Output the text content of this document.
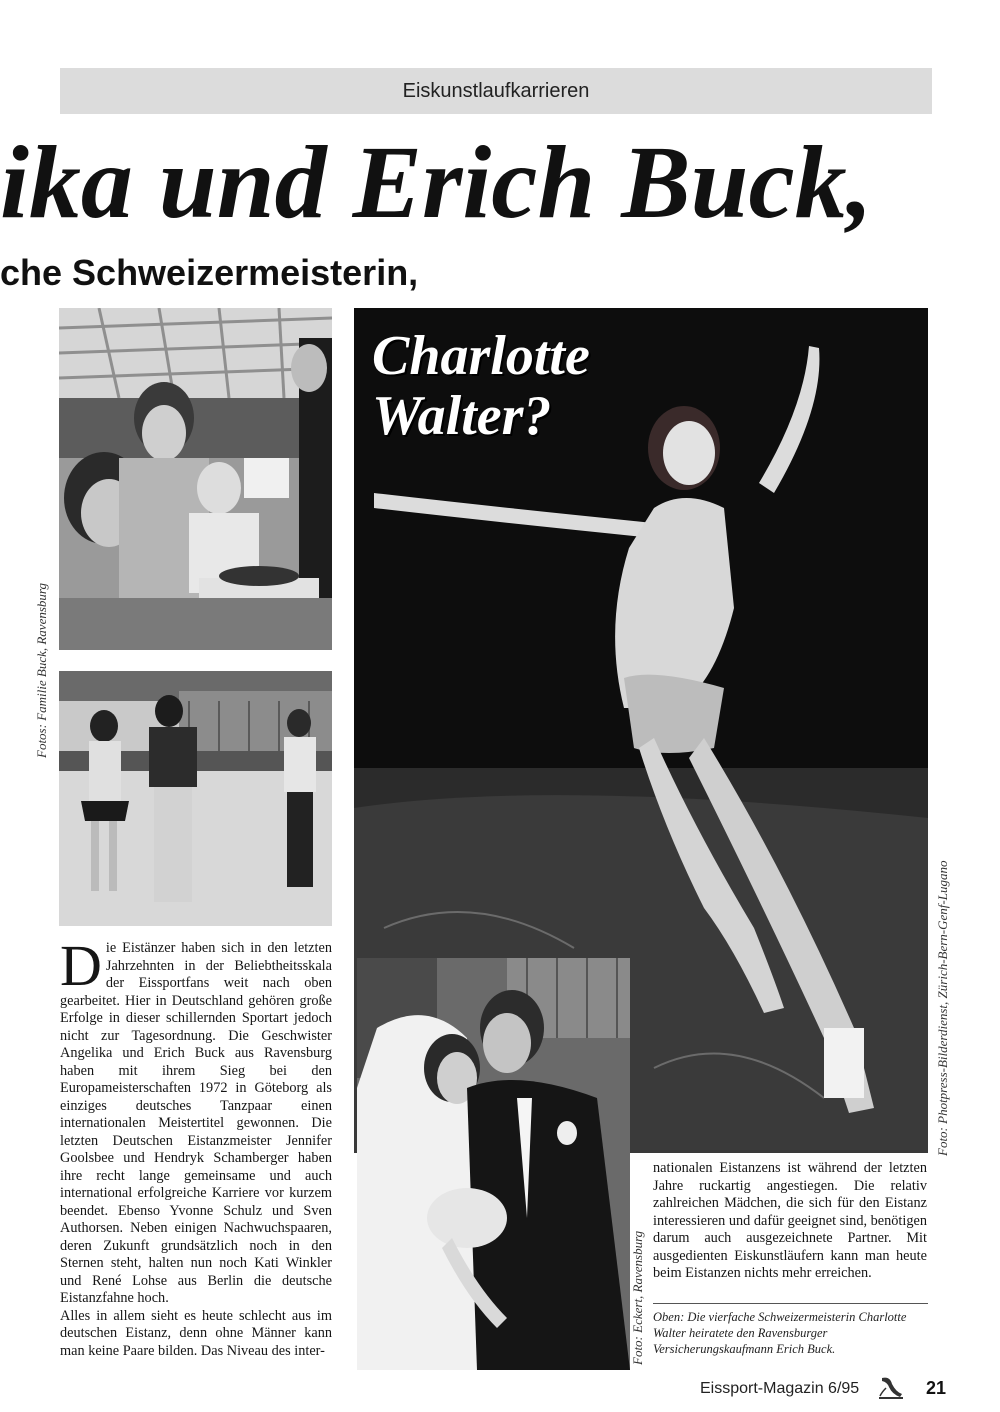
Eiskunstlaufkarrieren
ika und Erich Buck,
che Schweizermeisterin,
Charlotte Walter?
Fotos: Familie Buck, Ravensburg
Foto: Photpress-Bilderdienst, Zürich-Bern-Genf-Lugano
Foto: Eckert, Ravensburg

Die Eistänzer haben sich in den letzten Jahrzehnten in der Beliebtheitsskala der Eissportfans weit nach oben gearbeitet. Hier in Deutschland gehören große Erfolge in dieser schillernden Sportart jedoch nicht zur Tagesordnung. Die Geschwister Angelika und Erich Buck aus Ravensburg haben mit ihrem Sieg bei den Europameisterschaften 1972 in Göteborg als einziges deutsches Tanzpaar einen internationalen Meistertitel gewonnen. Die letzten Deutschen Eistanzmeister Jennifer Goolsbee und Hendryk Schamberger haben ihre recht lange gemeinsame und auch international erfolgreiche Karriere vor kurzem beendet. Ebenso Yvonne Schulz und Sven Authorsen. Neben einigen Nachwuchspaaren, deren Zukunft grundsätzlich noch in den Sternen steht, halten nun noch Kati Winkler und René Lohse aus Berlin die deutsche Eistanzfahne hoch.

Alles in allem sieht es heute schlecht aus im deutschen Eistanz, denn ohne Männer kann man keine Paare bilden. Das Niveau des inter-

nationalen Eistanzens ist während der letzten Jahre ruckartig angestiegen. Die relativ zahlreichen Mädchen, die sich für den Eistanz interessieren und dafür geeignet sind, benötigen darum auch ausgezeichnete Partner. Mit ausgedienten Eiskunstläufern kann man heute beim Eistanzen nichts mehr erreichen.

Oben: Die vierfache Schweizermeisterin Charlotte Walter heiratete den Ravensburger Versicherungskaufmann Erich Buck.
Eissport-Magazin 6/95	21
